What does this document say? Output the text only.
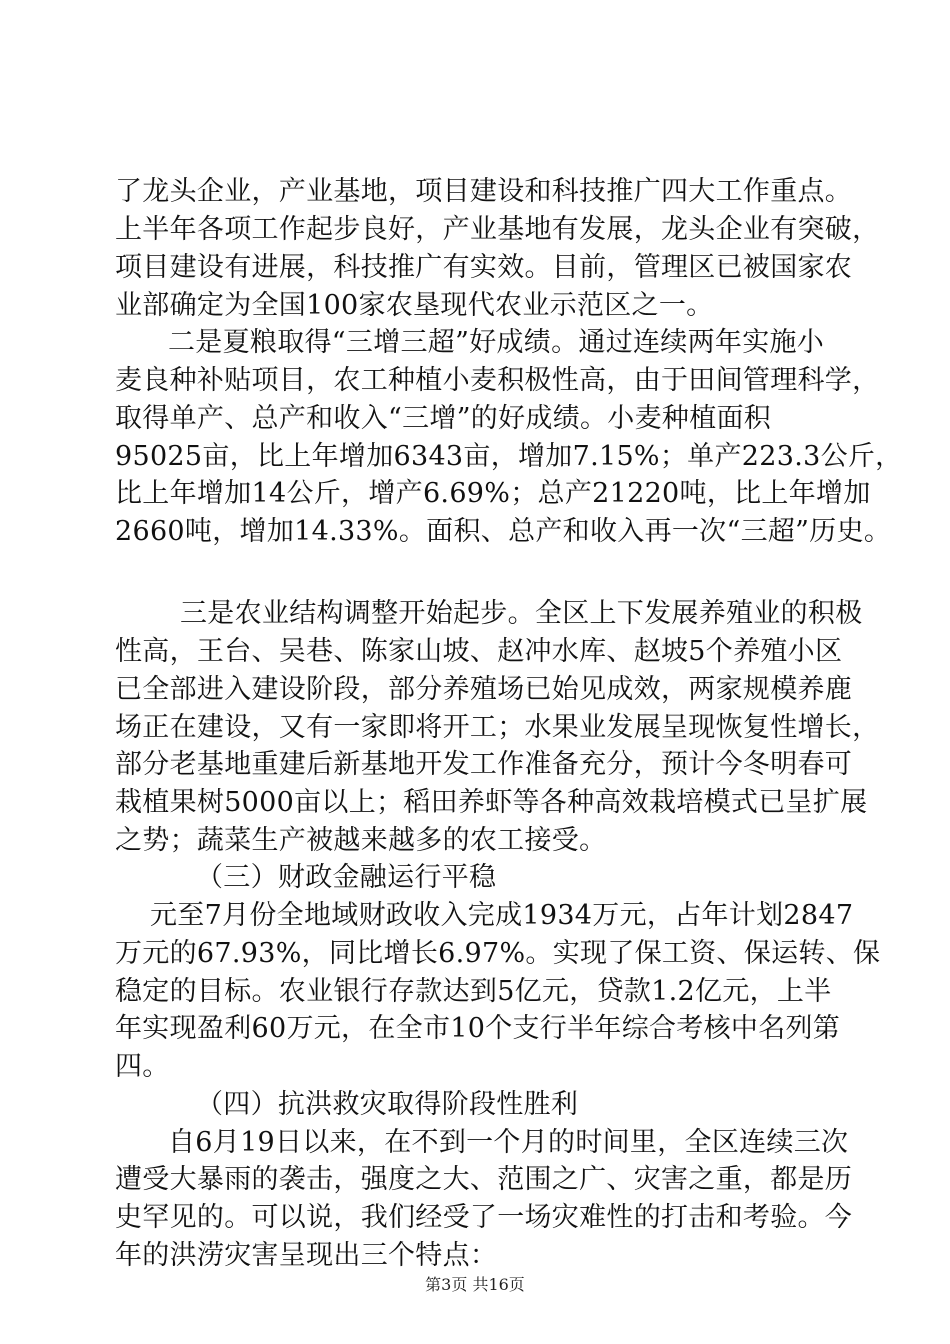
了龙头企业，产业基地，项目建设和科技推广四大工作重点。
上半年各项工作起步良好，产业基地有发展，龙头企业有突破，
项目建设有进展，科技推广有实效。目前，管理区已被国家农
业部确定为全国100家农垦现代农业示范区之一。
二是夏粮取得“三增三超”好成绩。通过连续两年实施小
麦良种补贴项目，农工种植小麦积极性高，由于田间管理科学，
取得单产、总产和收入“三增”的好成绩。小麦种植面积
95025亩，比上年增加6343亩，增加7.15%；单产223.3公斤，
比上年增加14公斤，增产6.69%；总产21220吨，比上年增加
2660吨，增加14.33%。面积、总产和收入再一次“三超”历史。
三是农业结构调整开始起步。全区上下发展养殖业的积极
性高，王台、吴巷、陈家山坡、赵冲水库、赵坡5个养殖小区
已全部进入建设阶段，部分养殖场已始见成效，两家规模养鹿
场正在建设，又有一家即将开工；水果业发展呈现恢复性增长，
部分老基地重建后新基地开发工作准备充分，预计今冬明春可
栽植果树5000亩以上；稻田养虾等各种高效栽培模式已呈扩展
之势；蔬菜生产被越来越多的农工接受。
（三）财政金融运行平稳
元至7月份全地域财政收入完成1934万元，占年计划2847
万元的67.93%，同比增长6.97%。实现了保工资、保运转、保
稳定的目标。农业银行存款达到5亿元，贷款1.2亿元，上半
年实现盈利60万元，在全市10个支行半年综合考核中名列第
四。
（四）抗洪救灾取得阶段性胜利
自6月19日以来，在不到一个月的时间里，全区连续三次
遭受大暴雨的袭击，强度之大、范围之广、灾害之重，都是历
史罕见的。可以说，我们经受了一场灾难性的打击和考验。今
年的洪涝灾害呈现出三个特点：
第3页 共16页
